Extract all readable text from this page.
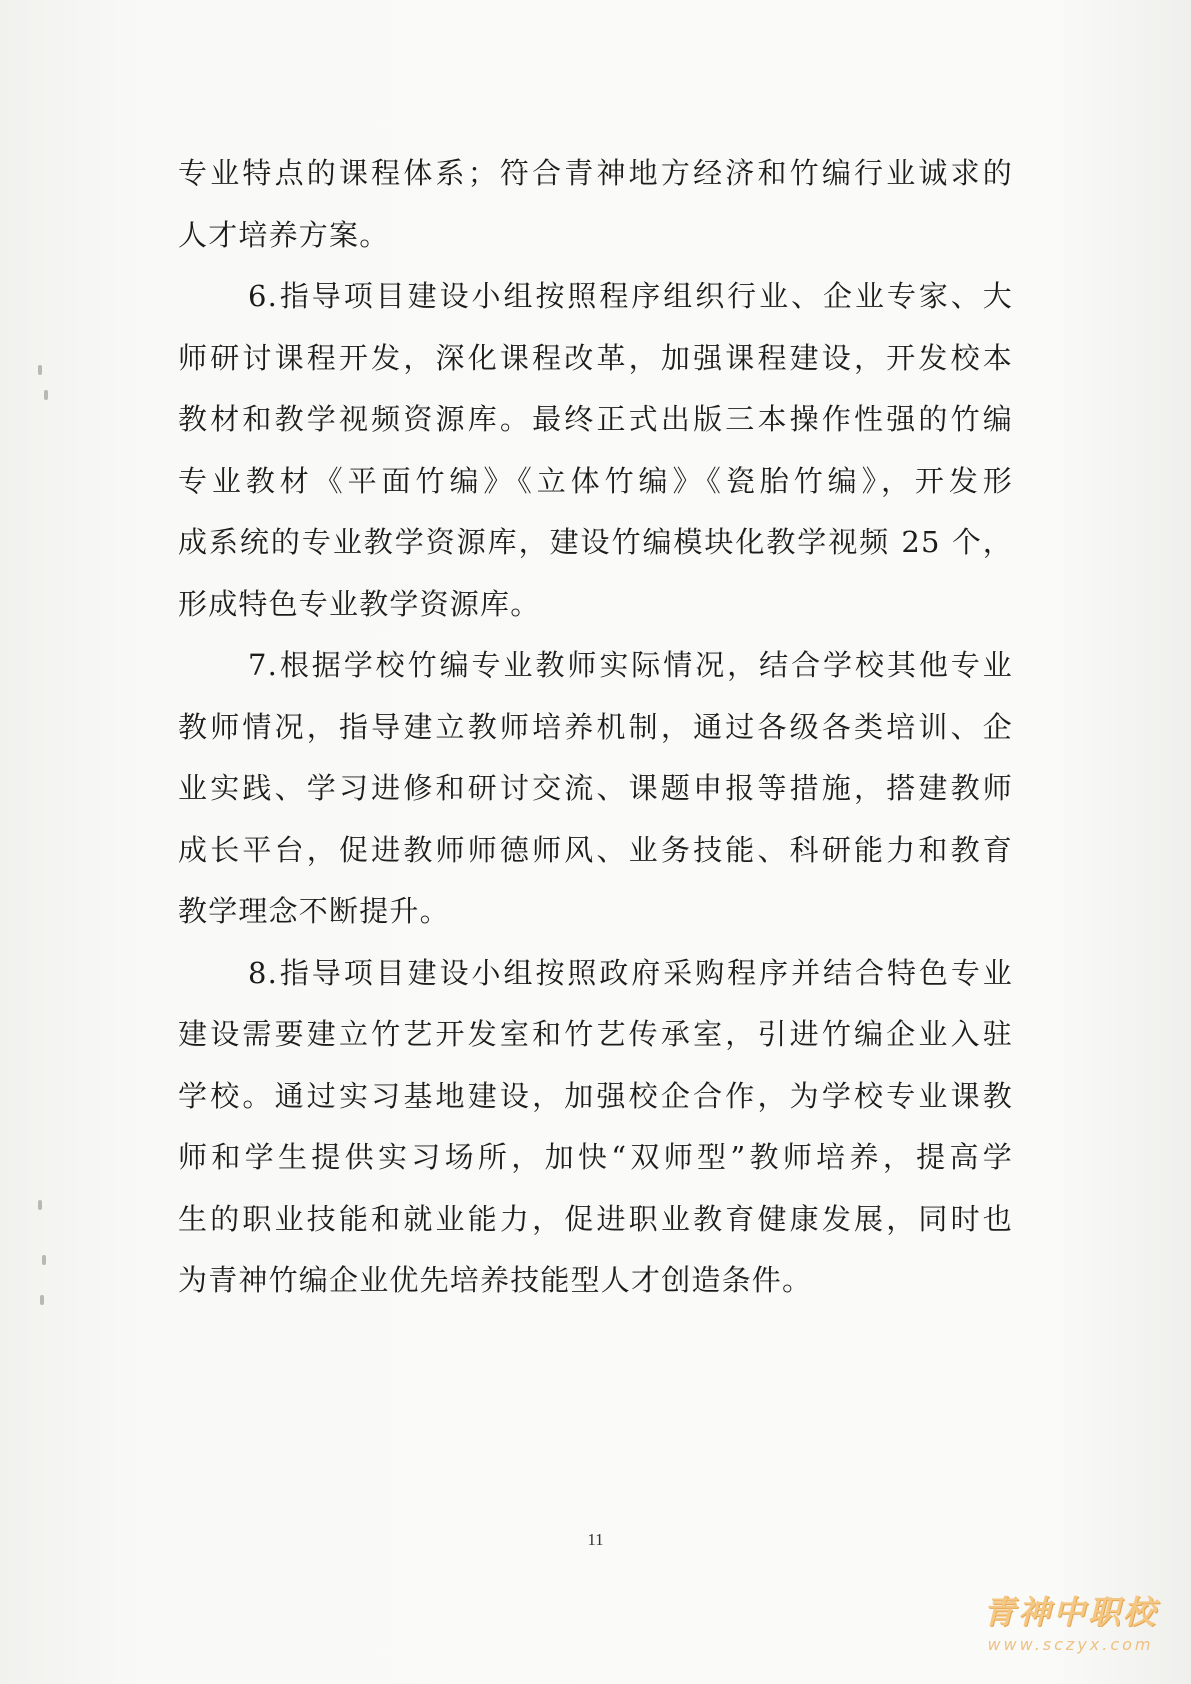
专业特点的课程体系；符合青神地方经济和竹编行业诚求的
人才培养方案。
6.指导项目建设小组按照程序组织行业、企业专家、大
师研讨课程开发，深化课程改革，加强课程建设，开发校本
教材和教学视频资源库。最终正式出版三本操作性强的竹编
专业教材《平面竹编》《立体竹编》《瓷胎竹编》，开发形
成系统的专业教学资源库，建设竹编模块化教学视频 25 个，
形成特色专业教学资源库。
7.根据学校竹编专业教师实际情况，结合学校其他专业
教师情况，指导建立教师培养机制，通过各级各类培训、企
业实践、学习进修和研讨交流、课题申报等措施，搭建教师
成长平台，促进教师师德师风、业务技能、科研能力和教育
教学理念不断提升。
8.指导项目建设小组按照政府采购程序并结合特色专业
建设需要建立竹艺开发室和竹艺传承室，引进竹编企业入驻
学校。通过实习基地建设，加强校企合作，为学校专业课教
师和学生提供实习场所，加快“双师型”教师培养，提高学
生的职业技能和就业能力，促进职业教育健康发展，同时也
为青神竹编企业优先培养技能型人才创造条件。
11
青神中职校
www.sczyx.com
